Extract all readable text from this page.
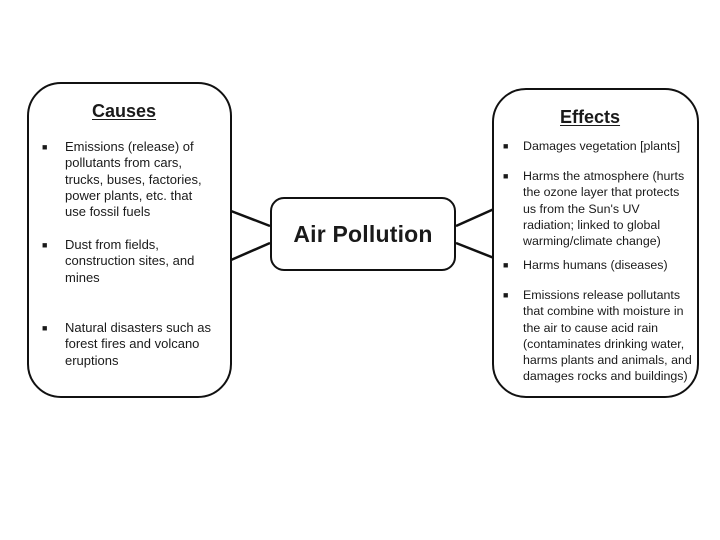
Causes
■ Emissions (release) of pollutants from cars, trucks, buses, factories, power plants, etc. that use fossil fuels
■ Dust from fields, construction sites, and mines
■ Natural disasters such as forest fires and volcano eruptions
Air Pollution
Effects
■ Damages vegetation [plants]
■ Harms the atmosphere (hurts the ozone layer that protects us from the Sun's UV radiation; linked to global warming/climate change)
■ Harms humans (diseases)
■ Emissions release pollutants that combine with moisture in the air to cause acid rain (contaminates drinking water, harms plants and animals, and damages rocks and buildings)
